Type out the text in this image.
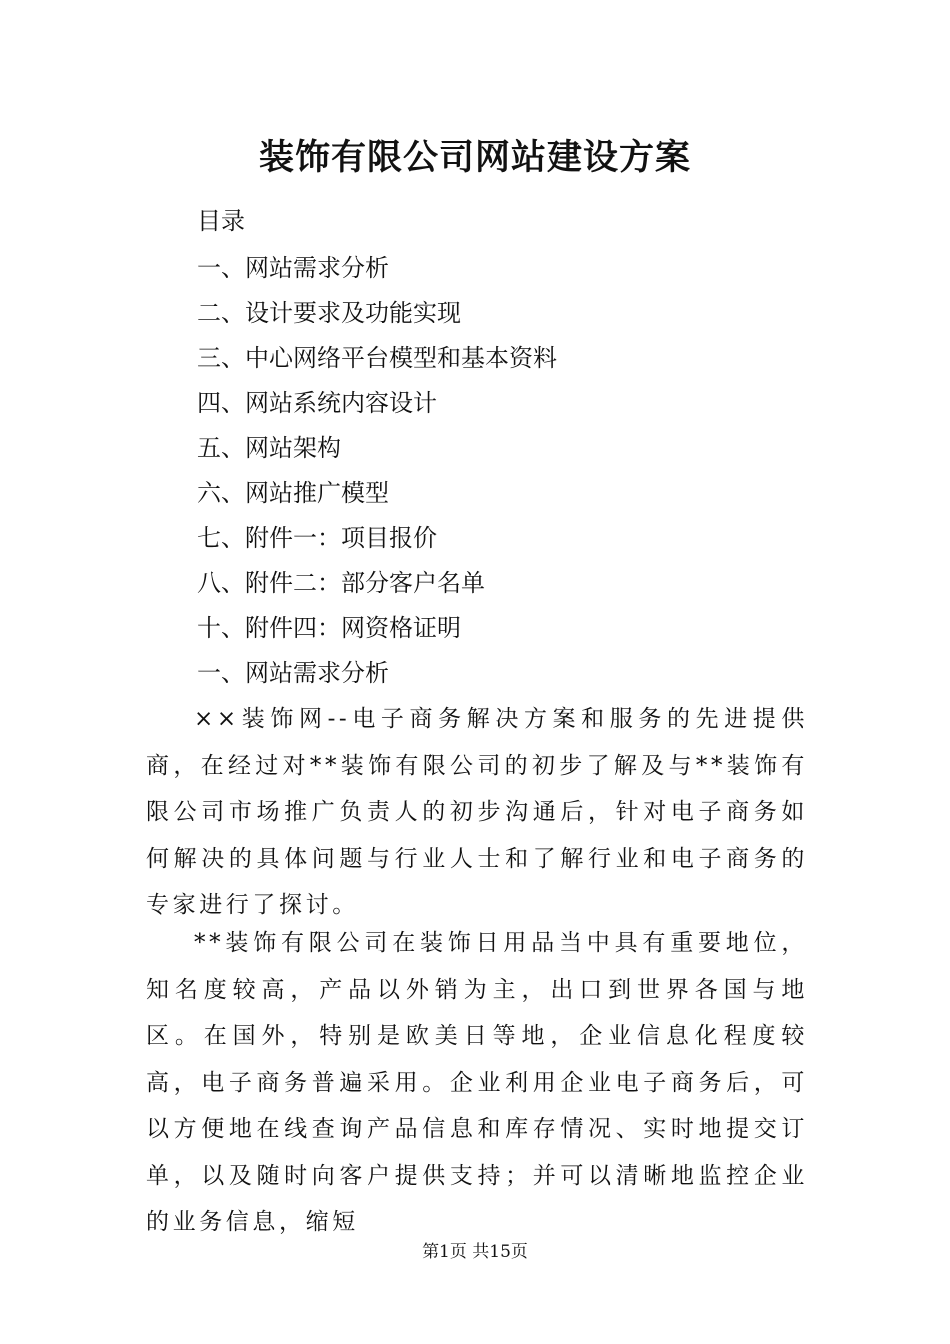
装饰有限公司网站建设方案
目录
一、网站需求分析
二、设计要求及功能实现
三、中心网络平台模型和基本资料
四、网站系统内容设计
五、网站架构
六、网站推广模型
七、附件一：项目报价
八、附件二：部分客户名单
十、附件四：网资格证明
一、网站需求分析

××装饰网--电子商务解决方案和服务的先进提供商，在经过对**装饰有限公司的初步了解及与**装饰有限公司市场推广负责人的初步沟通后，针对电子商务如何解决的具体问题与行业人士和了解行业和电子商务的专家进行了探讨。

**装饰有限公司在装饰日用品当中具有重要地位，知名度较高，产品以外销为主，出口到世界各国与地区。在国外，特别是欧美日等地，企业信息化程度较高，电子商务普遍采用。企业利用企业电子商务后，可以方便地在线查询产品信息和库存情况、实时地提交订单，以及随时向客户提供支持；并可以清晰地监控企业的业务信息，缩短

第1页 共15页
